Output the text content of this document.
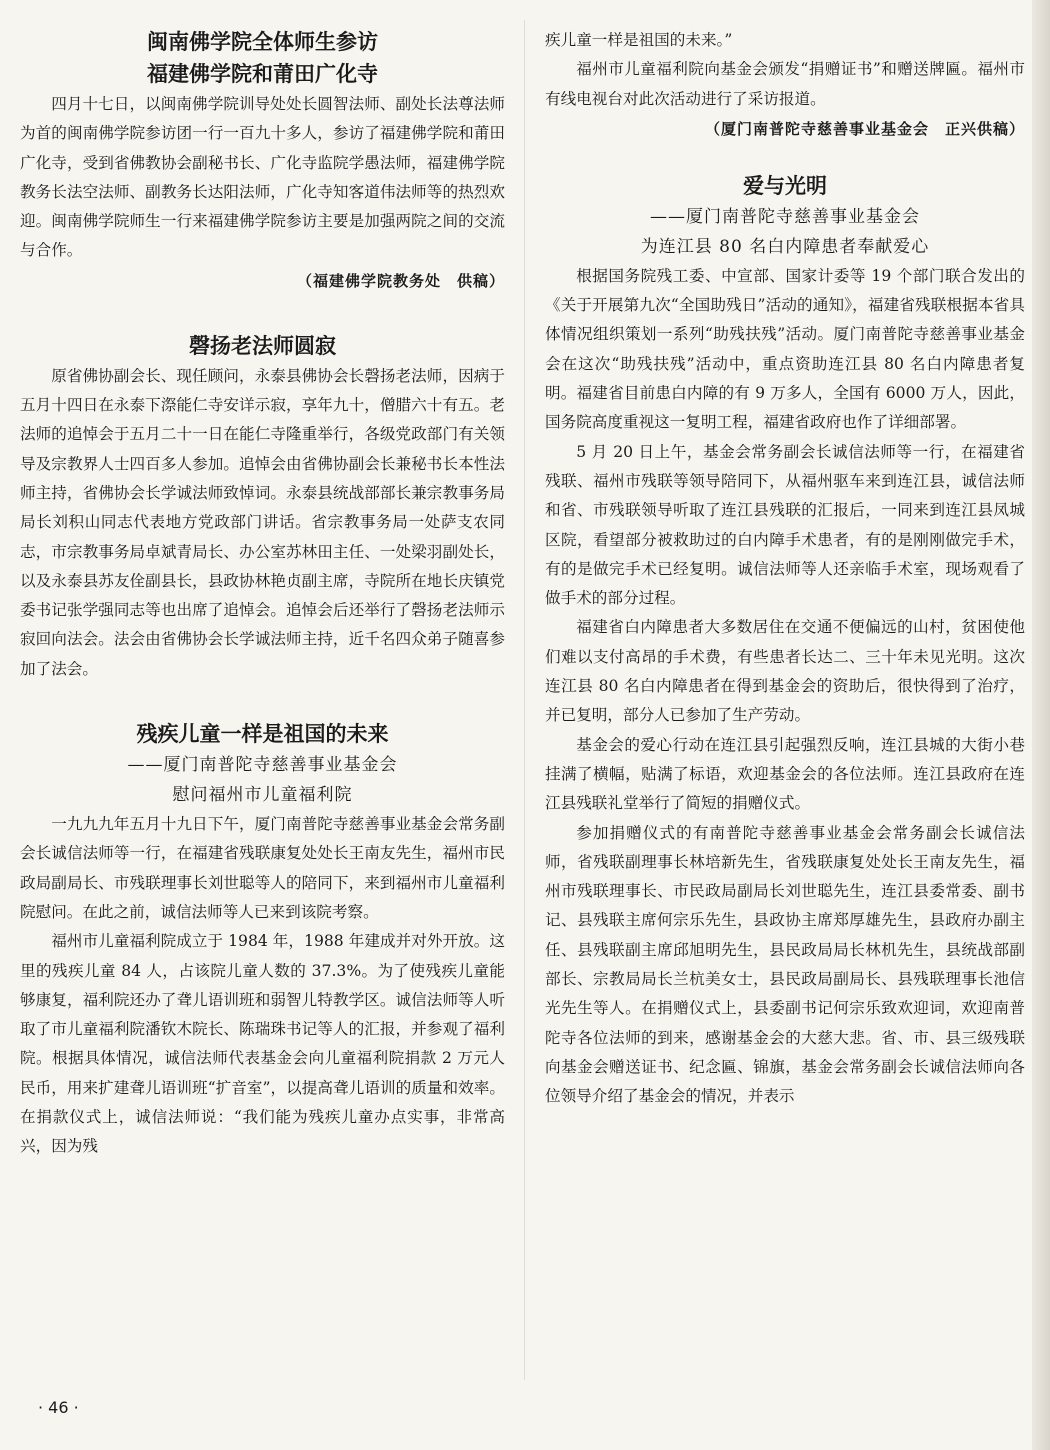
闽南佛学院全体师生参访
福建佛学院和莆田广化寺

四月十七日，以闽南佛学院训导处处长圆智法师、副处长法尊法师为首的闽南佛学院参访团一行一百九十多人，参访了福建佛学院和莆田广化寺，受到省佛教协会副秘书长、广化寺监院学愚法师，福建佛学院教务长法空法师、副教务长达阳法师，广化寺知客道伟法师等的热烈欢迎。闽南佛学院师生一行来福建佛学院参访主要是加强两院之间的交流与合作。

（福建佛学院教务处　供稿）
磬扬老法师圆寂

原省佛协副会长、现任顾问，永泰县佛协会长磬扬老法师，因病于五月十四日在永泰下漈能仁寺安详示寂，享年九十，僧腊六十有五。老法师的追悼会于五月二十一日在能仁寺隆重举行，各级党政部门有关领导及宗教界人士四百多人参加。追悼会由省佛协副会长兼秘书长本性法师主持，省佛协会长学诚法师致悼词。永泰县统战部部长兼宗教事务局局长刘积山同志代表地方党政部门讲话。省宗教事务局一处萨支农同志，市宗教事务局卓斌青局长、办公室苏林田主任、一处梁羽副处长，以及永泰县苏友佺副县长，县政协林艳贞副主席，寺院所在地长庆镇党委书记张学强同志等也出席了追悼会。追悼会后还举行了磬扬老法师示寂回向法会。法会由省佛协会长学诚法师主持，近千名四众弟子随喜参加了法会。

残疾儿童一样是祖国的未来
——厦门南普陀寺慈善事业基金会
慰问福州市儿童福利院

一九九九年五月十九日下午，厦门南普陀寺慈善事业基金会常务副会长诚信法师等一行，在福建省残联康复处处长王南友先生，福州市民政局副局长、市残联理事长刘世聪等人的陪同下，来到福州市儿童福利院慰问。在此之前，诚信法师等人已来到该院考察。

福州市儿童福利院成立于 1984 年，1988 年建成并对外开放。这里的残疾儿童 84 人，占该院儿童人数的 37.3%。为了使残疾儿童能够康复，福利院还办了聋儿语训班和弱智儿特教学区。诚信法师等人听取了市儿童福利院潘钦木院长、陈瑞珠书记等人的汇报，并参观了福利院。根据具体情况，诚信法师代表基金会向儿童福利院捐款 2 万元人民币，用来扩建聋儿语训班“扩音室”，以提高聋儿语训的质量和效率。在捐款仪式上，诚信法师说：“我们能为残疾儿童办点实事，非常高兴，因为残

疾儿童一样是祖国的未来。”

福州市儿童福利院向基金会颁发“捐赠证书”和赠送牌匾。福州市有线电视台对此次活动进行了采访报道。

（厦门南普陀寺慈善事业基金会　正兴供稿）
爱与光明
——厦门南普陀寺慈善事业基金会
为连江县 80 名白内障患者奉献爱心

根据国务院残工委、中宣部、国家计委等 19 个部门联合发出的《关于开展第九次“全国助残日”活动的通知》，福建省残联根据本省具体情况组织策划一系列“助残扶残”活动。厦门南普陀寺慈善事业基金会在这次“助残扶残”活动中，重点资助连江县 80 名白内障患者复明。福建省目前患白内障的有 9 万多人，全国有 6000 万人，因此，国务院高度重视这一复明工程，福建省政府也作了详细部署。

5 月 20 日上午，基金会常务副会长诚信法师等一行，在福建省残联、福州市残联等领导陪同下，从福州驱车来到连江县，诚信法师和省、市残联领导听取了连江县残联的汇报后，一同来到连江县凤城区院，看望部分被救助过的白内障手术患者，有的是刚刚做完手术，有的是做完手术已经复明。诚信法师等人还亲临手术室，现场观看了做手术的部分过程。

福建省白内障患者大多数居住在交通不便偏远的山村，贫困使他们难以支付高昂的手术费，有些患者长达二、三十年未见光明。这次连江县 80 名白内障患者在得到基金会的资助后，很快得到了治疗，并已复明，部分人已参加了生产劳动。

基金会的爱心行动在连江县引起强烈反响，连江县城的大街小巷挂满了横幅，贴满了标语，欢迎基金会的各位法师。连江县政府在连江县残联礼堂举行了简短的捐赠仪式。

参加捐赠仪式的有南普陀寺慈善事业基金会常务副会长诚信法师，省残联副理事长林培新先生，省残联康复处处长王南友先生，福州市残联理事长、市民政局副局长刘世聪先生，连江县委常委、副书记、县残联主席何宗乐先生，县政协主席郑厚雄先生，县政府办副主任、县残联副主席邱旭明先生，县民政局局长林机先生，县统战部副部长、宗教局局长兰杭美女士，县民政局副局长、县残联理事长池信光先生等人。在捐赠仪式上，县委副书记何宗乐致欢迎词，欢迎南普陀寺各位法师的到来，感谢基金会的大慈大悲。省、市、县三级残联向基金会赠送证书、纪念匾、锦旗，基金会常务副会长诚信法师向各位领导介绍了基金会的情况，并表示

· 46 ·
